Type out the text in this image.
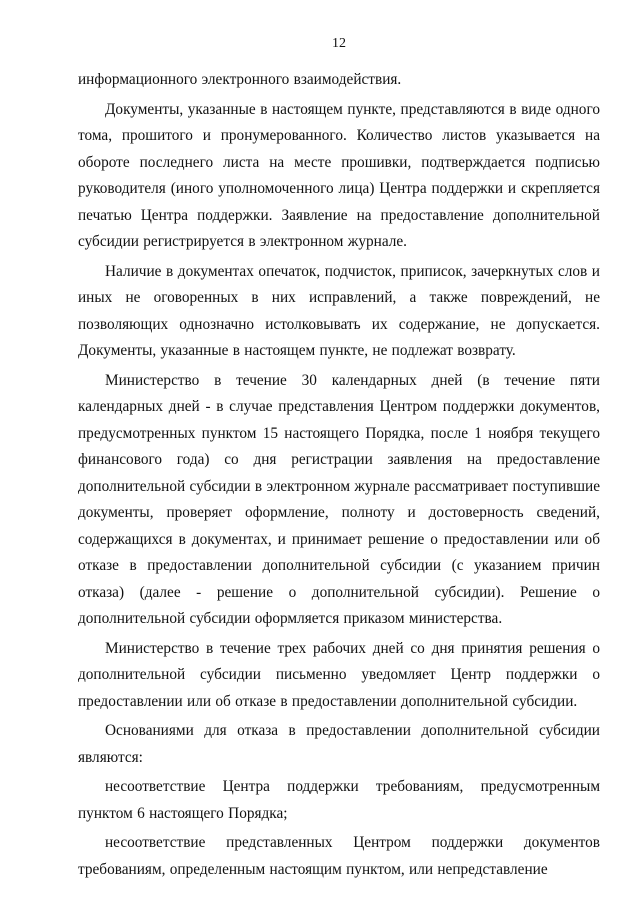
12

информационного электронного взаимодействия.

Документы, указанные в настоящем пункте, представляются в виде одного тома, прошитого и пронумерованного. Количество листов указывается на обороте последнего листа на месте прошивки, подтверждается подписью руководителя (иного уполномоченного лица) Центра поддержки и скрепляется печатью Центра поддержки. Заявление на предоставление дополнительной субсидии регистрируется в электронном журнале.

Наличие в документах опечаток, подчисток, приписок, зачеркнутых слов и иных не оговоренных в них исправлений, а также повреждений, не позволяющих однозначно истолковывать их содержание, не допускается. Документы, указанные в настоящем пункте, не подлежат возврату.

Министерство в течение 30 календарных дней (в течение пяти календарных дней - в случае представления Центром поддержки документов, предусмотренных пунктом 15 настоящего Порядка, после 1 ноября текущего финансового года) со дня регистрации заявления на предоставление дополнительной субсидии в электронном журнале рассматривает поступившие документы, проверяет оформление, полноту и достоверность сведений, содержащихся в документах, и принимает решение о предоставлении или об отказе в предоставлении дополнительной субсидии (с указанием причин отказа) (далее - решение о дополнительной субсидии). Решение о дополнительной субсидии оформляется приказом министерства.

Министерство в течение трех рабочих дней со дня принятия решения о дополнительной субсидии письменно уведомляет Центр поддержки о предоставлении или об отказе в предоставлении дополнительной субсидии.

Основаниями для отказа в предоставлении дополнительной субсидии являются:

несоответствие Центра поддержки требованиям, предусмотренным пунктом 6 настоящего Порядка;

несоответствие представленных Центром поддержки документов требованиям, определенным настоящим пунктом, или непредставление
